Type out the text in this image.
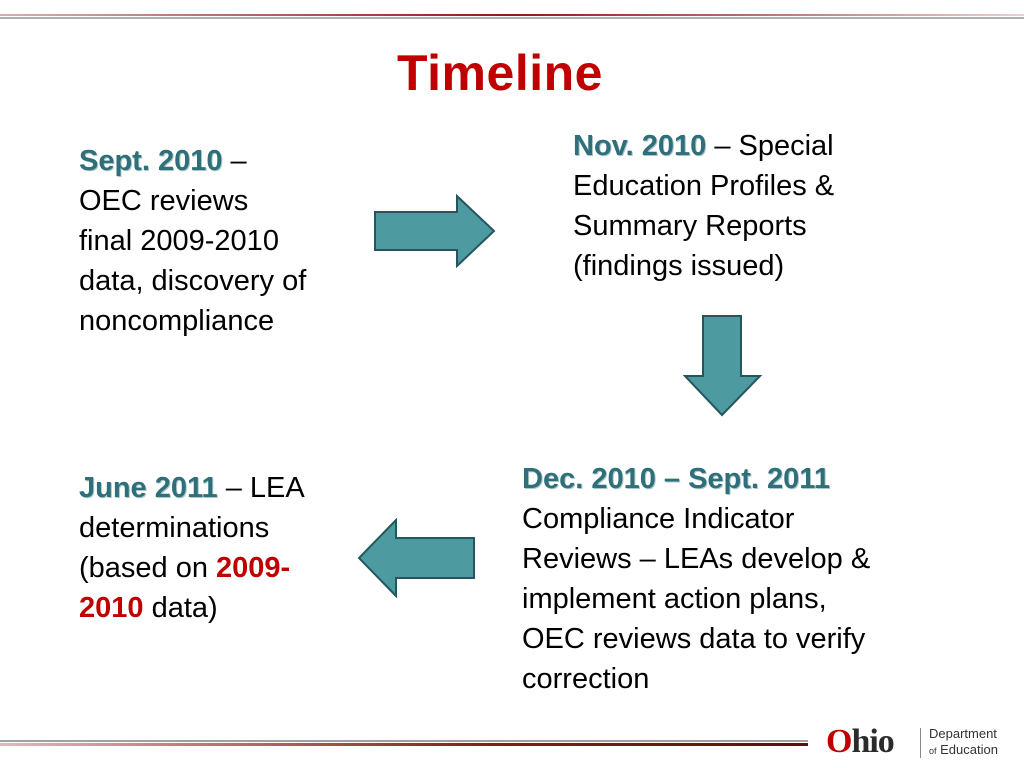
Timeline
Sept. 2010 –
OEC reviews
final 2009-2010
data, discovery of
noncompliance
Nov. 2010 – Special
Education Profiles &
Summary Reports
(findings issued)
Dec. 2010 – Sept. 2011
Compliance Indicator
Reviews – LEAs develop &
implement action plans,
OEC reviews data to verify
correction
June 2011 – LEA
determinations
(based on 2009-
2010 data)
Ohio	Department
of Education
